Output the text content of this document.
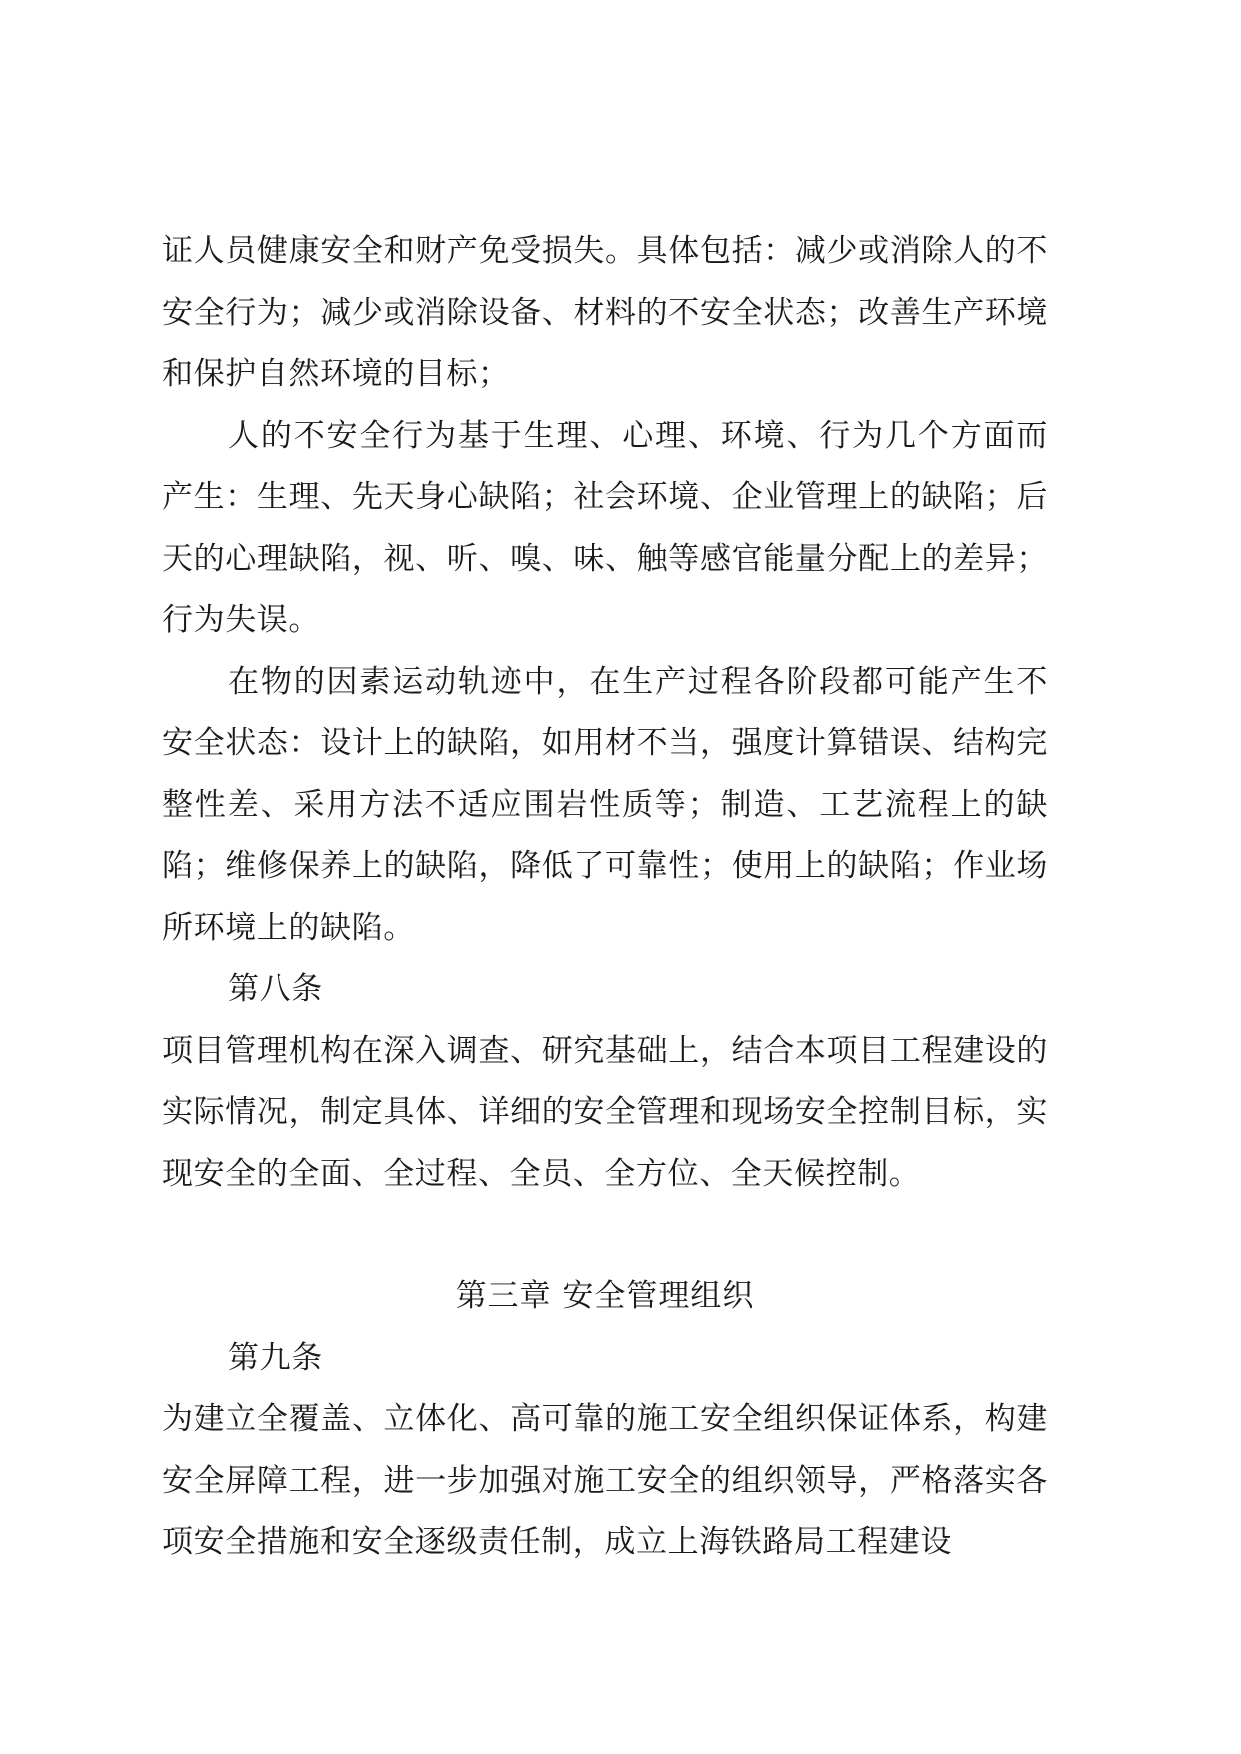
证人员健康安全和财产免受损失。具体包括：减少或消除人的不安全行为；减少或消除设备、材料的不安全状态；改善生产环境和保护自然环境的目标；

人的不安全行为基于生理、心理、环境、行为几个方面而产生：生理、先天身心缺陷；社会环境、企业管理上的缺陷；后天的心理缺陷，视、听、嗅、味、触等感官能量分配上的差异；行为失误。

在物的因素运动轨迹中，在生产过程各阶段都可能产生不安全状态：设计上的缺陷，如用材不当，强度计算错误、结构完整性差、采用方法不适应围岩性质等；制造、工艺流程上的缺陷；维修保养上的缺陷，降低了可靠性；使用上的缺陷；作业场所环境上的缺陷。

第八条

项目管理机构在深入调查、研究基础上，结合本项目工程建设的实际情况，制定具体、详细的安全管理和现场安全控制目标，实现安全的全面、全过程、全员、全方位、全天候控制。

第三章 安全管理组织

第九条

为建立全覆盖、立体化、高可靠的施工安全组织保证体系，构建安全屏障工程，进一步加强对施工安全的组织领导，严格落实各项安全措施和安全逐级责任制，成立上海铁路局工程建设
